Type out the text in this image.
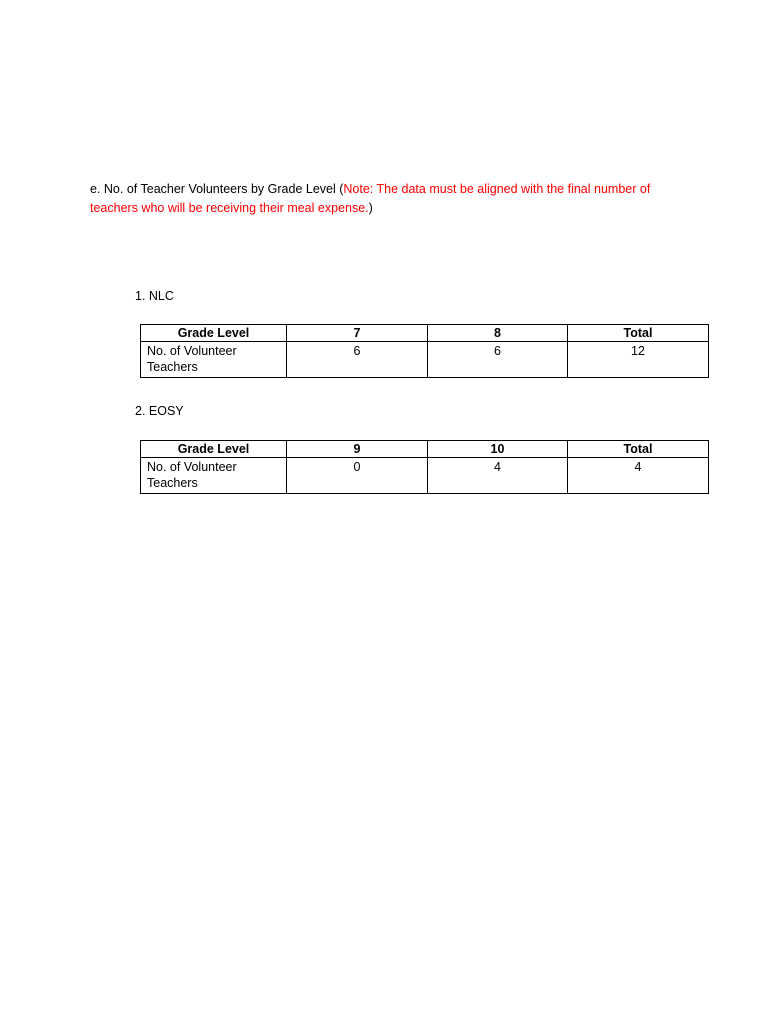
e. No. of Teacher Volunteers by Grade Level (Note: The data must be aligned with the final number of teachers who will be receiving their meal expense.)
1. NLC
Grade Level	7	8	Total
No. of Volunteer Teachers	6	6	12
2. EOSY
Grade Level	9	10	Total
No. of Volunteer Teachers	0	4	4
